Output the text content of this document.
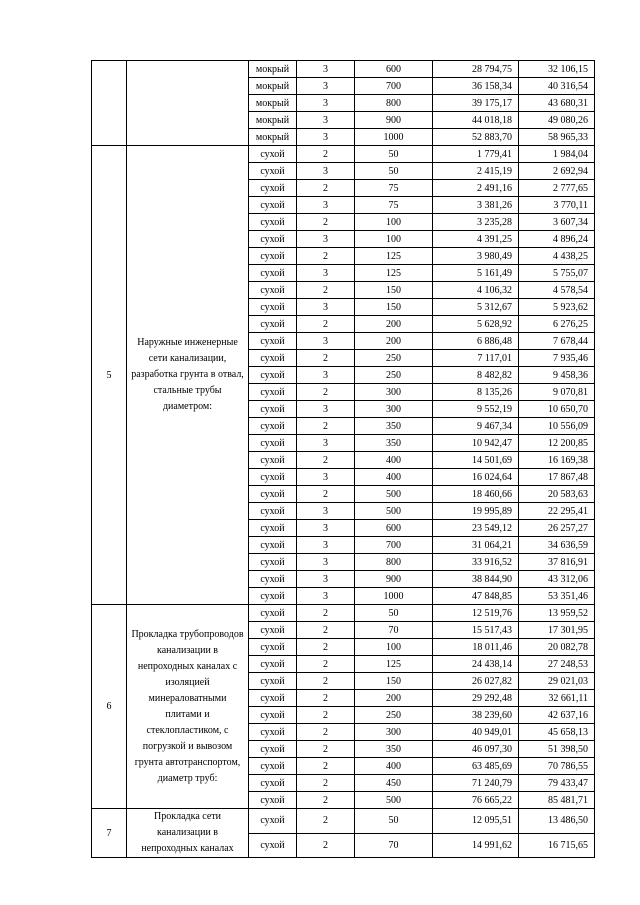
		мокрый	3	600	28 794,75	32 106,15
		мокрый	3	700	36 158,34	40 316,54
		мокрый	3	800	39 175,17	43 680,31
		мокрый	3	900	44 018,18	49 080,26
		мокрый	3	1000	52 883,70	58 965,33
5	Наружные инженерные сети канализации, разработка грунта в отвал, стальные трубы диаметром:	сухой	2	50	1 779,41	1 984,04
		сухой	3	50	2 415,19	2 692,94
		сухой	2	75	2 491,16	2 777,65
		сухой	3	75	3 381,26	3 770,11
		сухой	2	100	3 235,28	3 607,34
		сухой	3	100	4 391,25	4 896,24
		сухой	2	125	3 980,49	4 438,25
		сухой	3	125	5 161,49	5 755,07
		сухой	2	150	4 106,32	4 578,54
		сухой	3	150	5 312,67	5 923,62
		сухой	2	200	5 628,92	6 276,25
		сухой	3	200	6 886,48	7 678,44
		сухой	2	250	7 117,01	7 935,46
		сухой	3	250	8 482,82	9 458,36
		сухой	2	300	8 135,26	9 070,81
		сухой	3	300	9 552,19	10 650,70
		сухой	2	350	9 467,34	10 556,09
		сухой	3	350	10 942,47	12 200,85
		сухой	2	400	14 501,69	16 169,38
		сухой	3	400	16 024,64	17 867,48
		сухой	2	500	18 460,66	20 583,63
		сухой	3	500	19 995,89	22 295,41
		сухой	3	600	23 549,12	26 257,27
		сухой	3	700	31 064,21	34 636,59
		сухой	3	800	33 916,52	37 816,91
		сухой	3	900	38 844,90	43 312,06
		сухой	3	1000	47 848,85	53 351,46
6	Прокладка трубопроводов канализации в непроходных каналах с изоляцией минераловатными плитами и стеклопластиком, с погрузкой и вывозом грунта автотранспортом, диаметр труб:	сухой	2	50	12 519,76	13 959,52
		сухой	2	70	15 517,43	17 301,95
		сухой	2	100	18 011,46	20 082,78
		сухой	2	125	24 438,14	27 248,53
		сухой	2	150	26 027,82	29 021,03
		сухой	2	200	29 292,48	32 661,11
		сухой	2	250	38 239,60	42 637,16
		сухой	2	300	40 949,01	45 658,13
		сухой	2	350	46 097,30	51 398,50
		сухой	2	400	63 485,69	70 786,55
		сухой	2	450	71 240,79	79 433,47
		сухой	2	500	76 665,22	85 481,71
7	Прокладка сети канализации в непроходных каналах	сухой	2	50	12 095,51	13 486,50
		сухой	2	70	14 991,62	16 715,65
